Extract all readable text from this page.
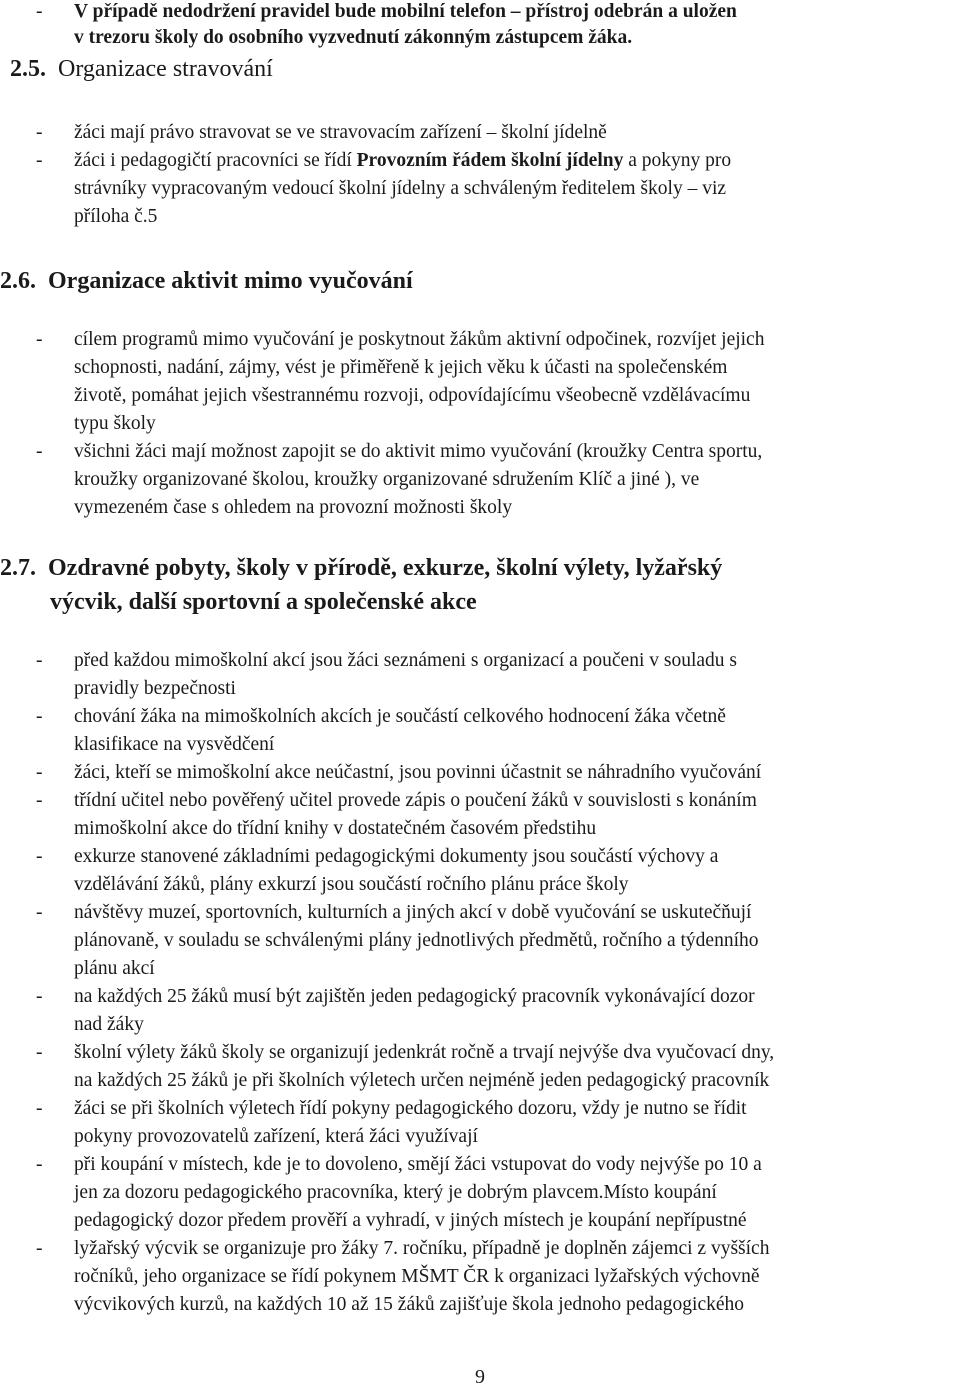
-	V případě nedodržení pravidel bude mobilní telefon – přístroj odebrán a uložen
v trezoru školy do osobního vyzvednutí zákonným zástupcem žáka.
2.5. Organizace stravování
-	žáci mají právo stravovat se ve stravovacím zařízení – školní jídelně
-	žáci i pedagogičtí pracovníci se řídí Provozním řádem školní jídelny a pokyny pro
strávníky vypracovaným vedoucí školní jídelny a schváleným ředitelem školy – viz
příloha č.5
2.6. Organizace aktivit mimo vyučování
-	cílem programů mimo vyučování je poskytnout žákům aktivní odpočinek, rozvíjet jejich
schopnosti, nadání, zájmy, vést je přiměřeně k jejich věku k účasti na společenském
životě, pomáhat jejich všestrannému rozvoji, odpovídajícímu všeobecně vzdělávacímu
typu školy
-	všichni žáci mají možnost zapojit se do aktivit mimo vyučování (kroužky Centra sportu,
kroužky organizované školou, kroužky organizované sdružením Klíč a jiné ), ve
vymezeném čase s ohledem na provozní možnosti školy
2.7. Ozdravné pobyty, školy v přírodě, exkurze, školní výlety, lyžařský
výcvik, další sportovní a společenské akce
-	před každou mimoškolní akcí jsou žáci seznámeni s organizací a poučeni v souladu s
pravidly bezpečnosti
-	chování žáka na mimoškolních akcích je součástí celkového hodnocení žáka včetně
klasifikace na vysvědčení
-	žáci, kteří se mimoškolní akce neúčastní, jsou povinni účastnit se náhradního vyučování
-	třídní učitel nebo pověřený učitel provede zápis o poučení žáků v souvislosti s konáním
mimoškolní akce do třídní knihy v dostatečném časovém předstihu
-	exkurze stanovené základními pedagogickými dokumenty jsou součástí výchovy a
vzdělávání žáků, plány exkurzí jsou součástí ročního plánu práce školy
-	návštěvy muzeí, sportovních, kulturních a jiných akcí v době vyučování se uskutečňují
plánovaně, v souladu se schválenými plány jednotlivých předmětů, ročního a týdenního
plánu akcí
-	na každých 25 žáků musí být zajištěn jeden pedagogický pracovník vykonávající dozor
nad žáky
-	školní výlety žáků školy se organizují jedenkrát ročně a trvají nejvýše dva vyučovací dny,
na každých 25 žáků je při školních výletech určen nejméně jeden pedagogický pracovník
-	žáci se při školních výletech řídí pokyny pedagogického dozoru, vždy je nutno se řídit
pokyny provozovatelů zařízení, která žáci využívají
-	při koupání v místech, kde je to dovoleno, smějí žáci vstupovat do vody nejvýše po 10 a
jen za dozoru pedagogického pracovníka, který je dobrým plavcem.Místo koupání
pedagogický dozor předem prověří a vyhradí, v jiných místech je koupání nepřípustné
-	lyžařský výcvik se organizuje pro žáky 7. ročníku, případně je doplněn zájemci z vyšších
ročníků, jeho organizace se řídí pokynem MŠMT ČR k organizaci lyžařských výchovně
výcvikových kurzů, na každých 10 až 15 žáků zajišťuje škola jednoho pedagogického
9
